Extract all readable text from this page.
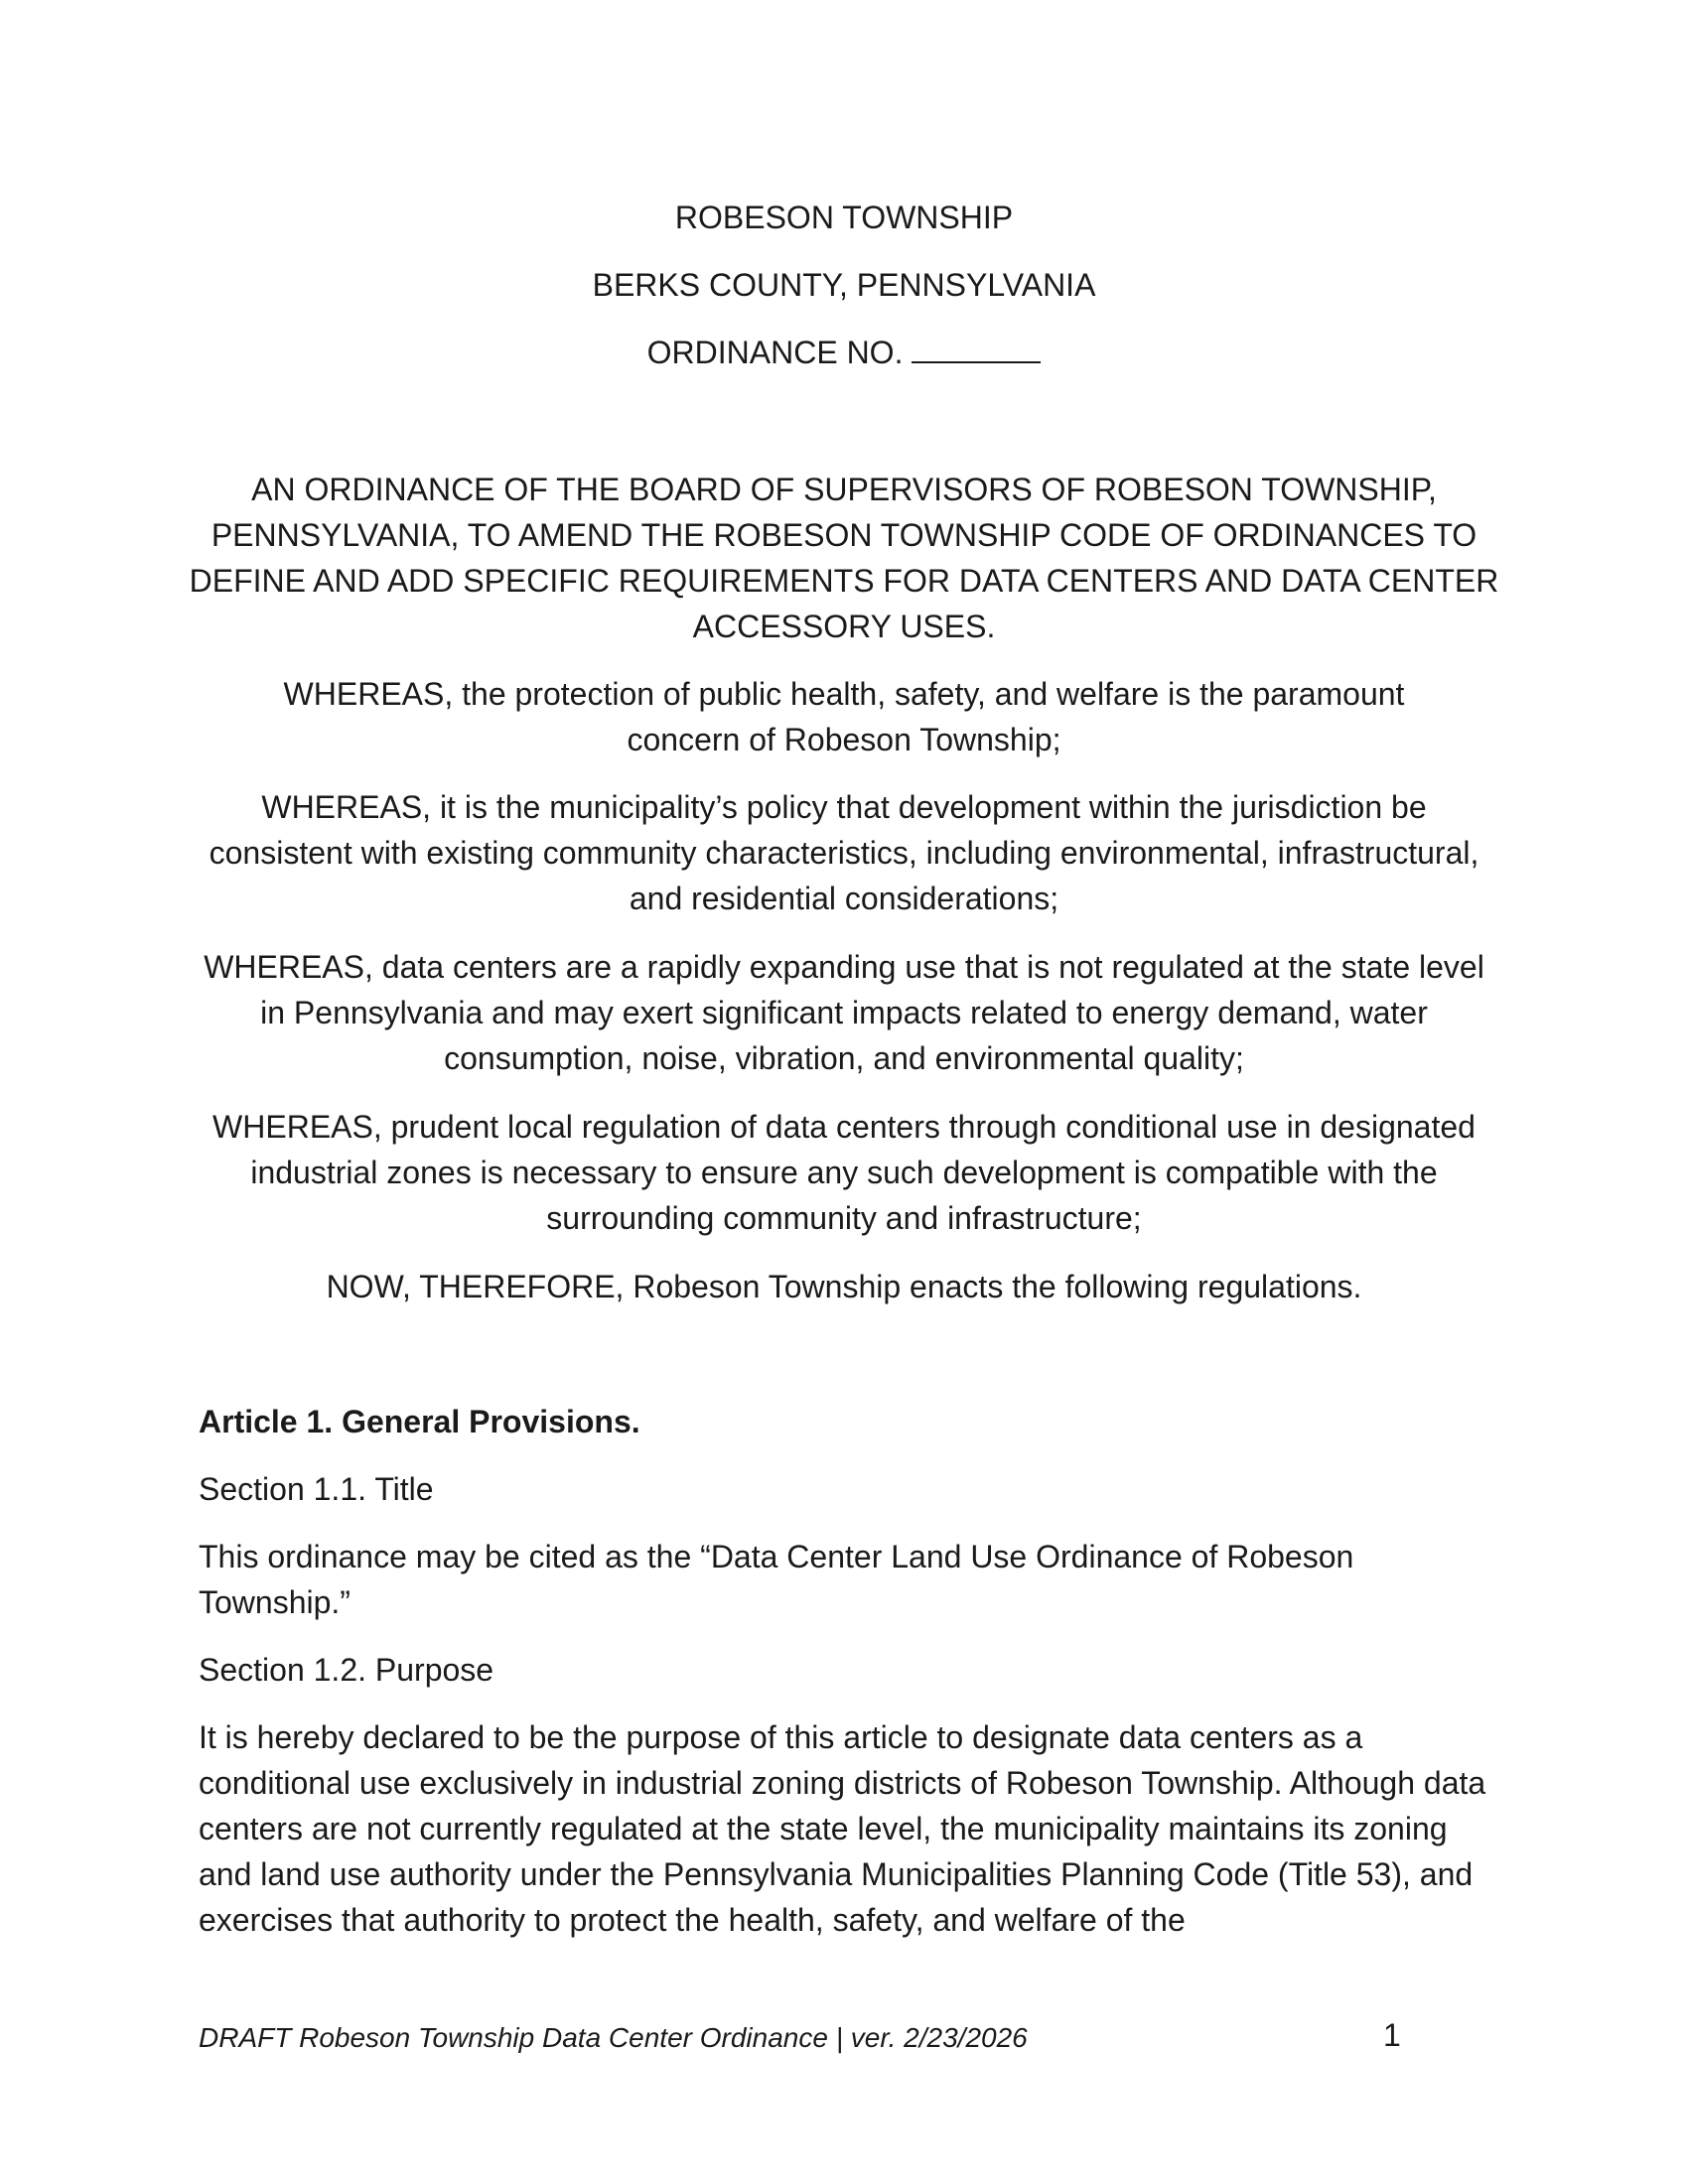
ROBESON TOWNSHIP
BERKS COUNTY, PENNSYLVANIA
ORDINANCE NO.
AN ORDINANCE OF THE BOARD OF SUPERVISORS OF ROBESON TOWNSHIP, PENNSYLVANIA, TO AMEND THE ROBESON TOWNSHIP CODE OF ORDINANCES TO DEFINE AND ADD SPECIFIC REQUIREMENTS FOR DATA CENTERS AND DATA CENTER ACCESSORY USES.
WHEREAS, the protection of public health, safety, and welfare is the paramount concern of Robeson Township;
WHEREAS, it is the municipality’s policy that development within the jurisdiction be consistent with existing community characteristics, including environmental, infrastructural, and residential considerations;
WHEREAS, data centers are a rapidly expanding use that is not regulated at the state level in Pennsylvania and may exert significant impacts related to energy demand, water consumption, noise, vibration, and environmental quality;
WHEREAS, prudent local regulation of data centers through conditional use in designated industrial zones is necessary to ensure any such development is compatible with the surrounding community and infrastructure;
NOW, THEREFORE, Robeson Township enacts the following regulations.
Article 1. General Provisions.
Section 1.1. Title
This ordinance may be cited as the “Data Center Land Use Ordinance of Robeson Township.”
Section 1.2. Purpose
It is hereby declared to be the purpose of this article to designate data centers as a conditional use exclusively in industrial zoning districts of Robeson Township. Although data centers are not currently regulated at the state level, the municipality maintains its zoning and land use authority under the Pennsylvania Municipalities Planning Code (Title 53), and exercises that authority to protect the health, safety, and welfare of the
DRAFT Robeson Township Data Center Ordinance | ver. 2/23/2026	1
